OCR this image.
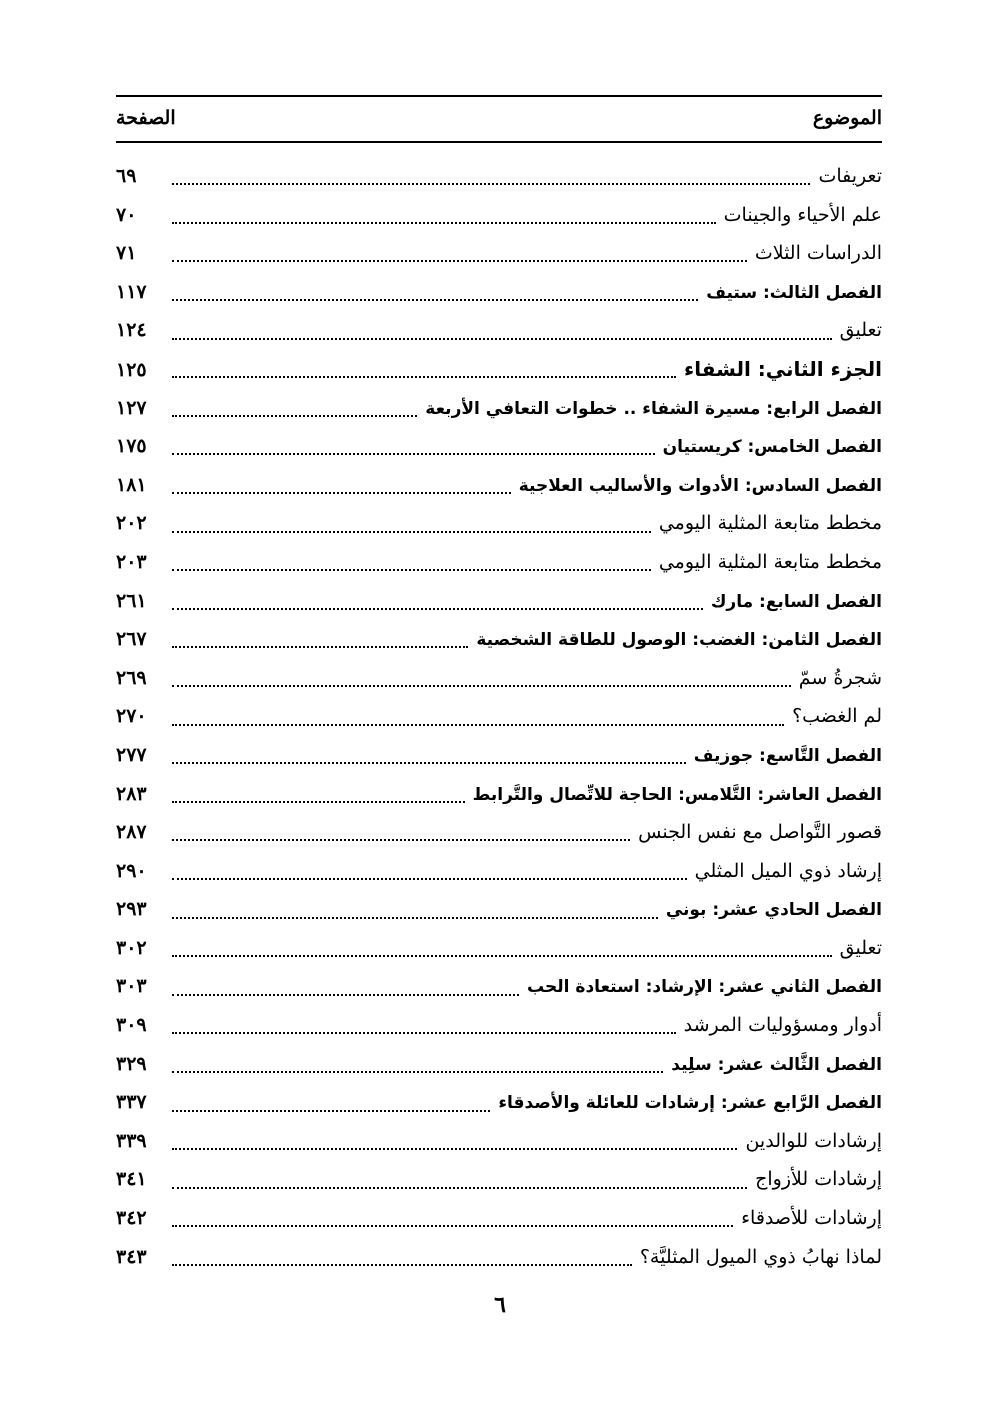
الموضوع
الصفحة
تعريفات
٦٩
علم الأحياء والجينات
٧٠
الدراسات الثلاث
٧١
الفصل الثالث: ستيف
١١٧
تعليق
١٢٤
الجزء الثاني: الشفاء
١٢٥
الفصل الرابع: مسيرة الشفاء .. خطوات التعافي الأربعة
١٢٧
الفصل الخامس: كريستيان
١٧٥
الفصل السادس: الأدوات والأساليب العلاجية
١٨١
مخطط متابعة المثلية اليومي
٢٠٢
مخطط متابعة المثلية اليومي
٢٠٣
الفصل السابع: مارك
٢٦١
الفصل الثامن: الغضب: الوصول للطاقة الشخصية
٢٦٧
شجرةُ سمّ
٢٦٩
لم الغضب؟
٢٧٠
الفصل التَّاسع: جوزيف
٢٧٧
الفصل العاشر: التَّلامس: الحاجة للاتِّصال والتَّرابط
٢٨٣
قصور التَّواصل مع نفس الجنس
٢٨٧
إرشاد ذوي الميل المثلي
٢٩٠
الفصل الحادي عشر: بوني
٢٩٣
تعليق
٣٠٢
الفصل الثاني عشر: الإرشاد: استعادة الحب
٣٠٣
أدوار ومسؤوليات المرشد
٣٠٩
الفصل الثَّالث عشر: سلِيد
٣٢٩
الفصل الرَّابع عشر: إرشادات للعائلة والأصدقاء
٣٣٧
إرشادات للوالدين
٣٣٩
إرشادات للأزواج
٣٤١
إرشادات للأصدقاء
٣٤٢
لماذا نهابُ ذوي الميول المثليَّة؟
٣٤٣
٦
